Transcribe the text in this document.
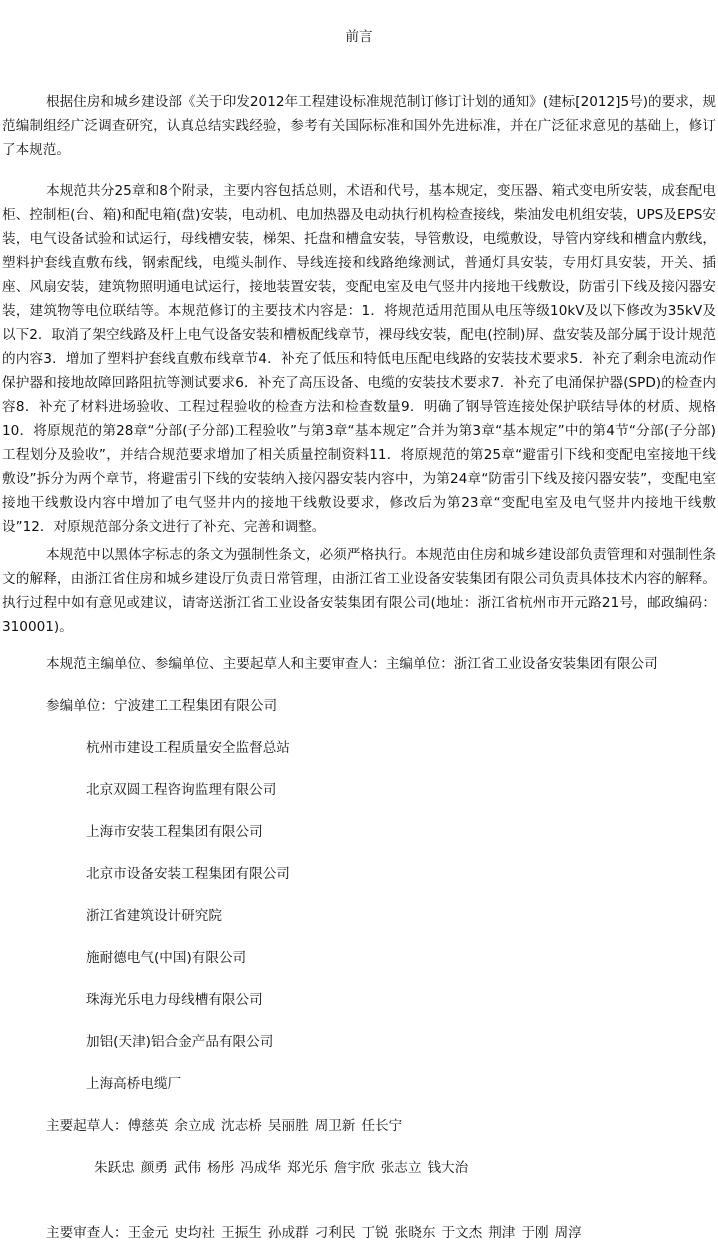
前言

根据住房和城乡建设部《关于印发2012年工程建设标准规范制订修订计划的通知》(建标[2012]5号)的要求，规范编制组经广泛调查研究，认真总结实践经验，参考有关国际标准和国外先进标准，并在广泛征求意见的基础上，修订了本规范。

本规范共分25章和8个附录，主要内容包括总则，术语和代号，基本规定，变压器、箱式变电所安装，成套配电柜、控制柜(台、箱)和配电箱(盘)安装，电动机、电加热器及电动执行机构检查接线，柴油发电机组安装，UPS及EPS安装，电气设备试验和试运行，母线槽安装，梯架、托盘和槽盒安装，导管敷设，电缆敷设，导管内穿线和槽盒内敷线，塑料护套线直敷布线，钢索配线，电缆头制作、导线连接和线路绝缘测试，普通灯具安装，专用灯具安装，开关、插座、风扇安装，建筑物照明通电试运行，接地装置安装，变配电室及电气竖井内接地干线敷设，防雷引下线及接闪器安装，建筑物等电位联结等。本规范修订的主要技术内容是：1．将规范适用范围从电压等级10kV及以下修改为35kV及以下2．取消了架空线路及杆上电气设备安装和槽板配线章节，裸母线安装，配电(控制)屏、盘安装及部分属于设计规范的内容3．增加了塑料护套线直敷布线章节4．补充了低压和特低电压配电线路的安装技术要求5．补充了剩余电流动作保护器和接地故障回路阻抗等测试要求6．补充了高压设备、电缆的安装技术要求7．补充了电涌保护器(SPD)的检查内容8．补充了材料进场验收、工程过程验收的检查方法和检查数量9．明确了钢导管连接处保护联结导体的材质、规格10．将原规范的第28章“分部(子分部)工程验收”与第3章“基本规定”合并为第3章“基本规定”中的第4节“分部(子分部)工程划分及验收”，并结合规范要求增加了相关质量控制资料11．将原规范的第25章“避雷引下线和变配电室接地干线敷设”拆分为两个章节，将避雷引下线的安装纳入接闪器安装内容中，为第24章“防雷引下线及接闪器安装”，变配电室接地干线敷设内容中增加了电气竖井内的接地干线敷设要求，修改后为第23章“变配电室及电气竖井内接地干线敷设”12．对原规范部分条文进行了补充、完善和调整。

本规范中以黑体字标志的条文为强制性条文，必须严格执行。本规范由住房和城乡建设部负责管理和对强制性条文的解释，由浙江省住房和城乡建设厅负责日常管理，由浙江省工业设备安装集团有限公司负责具体技术内容的解释。执行过程中如有意见或建议，请寄送浙江省工业设备安装集团有限公司(地址：浙江省杭州市开元路21号，邮政编码：310001)。

本规范主编单位、参编单位、主要起草人和主要审查人：主编单位：浙江省工业设备安装集团有限公司

参编单位：宁波建工工程集团有限公司

杭州市建设工程质量安全监督总站

北京双圆工程咨询监理有限公司

上海市安装工程集团有限公司

北京市设备安装工程集团有限公司

浙江省建筑设计研究院

施耐德电气(中国)有限公司

珠海光乐电力母线槽有限公司

加铝(天津)铝合金产品有限公司

上海高桥电缆厂

主要起草人：傅慈英 余立成 沈志桥 吴丽胜 周卫新 任长宁

朱跃忠 颜勇 武伟 杨彤 冯成华 郑光乐 詹宇欣 张志立 钱大治

主要审查人：王金元 史均社 王振生 孙成群 刁利民 丁锐 张晓东 于文杰 荆津 于刚 周淳
